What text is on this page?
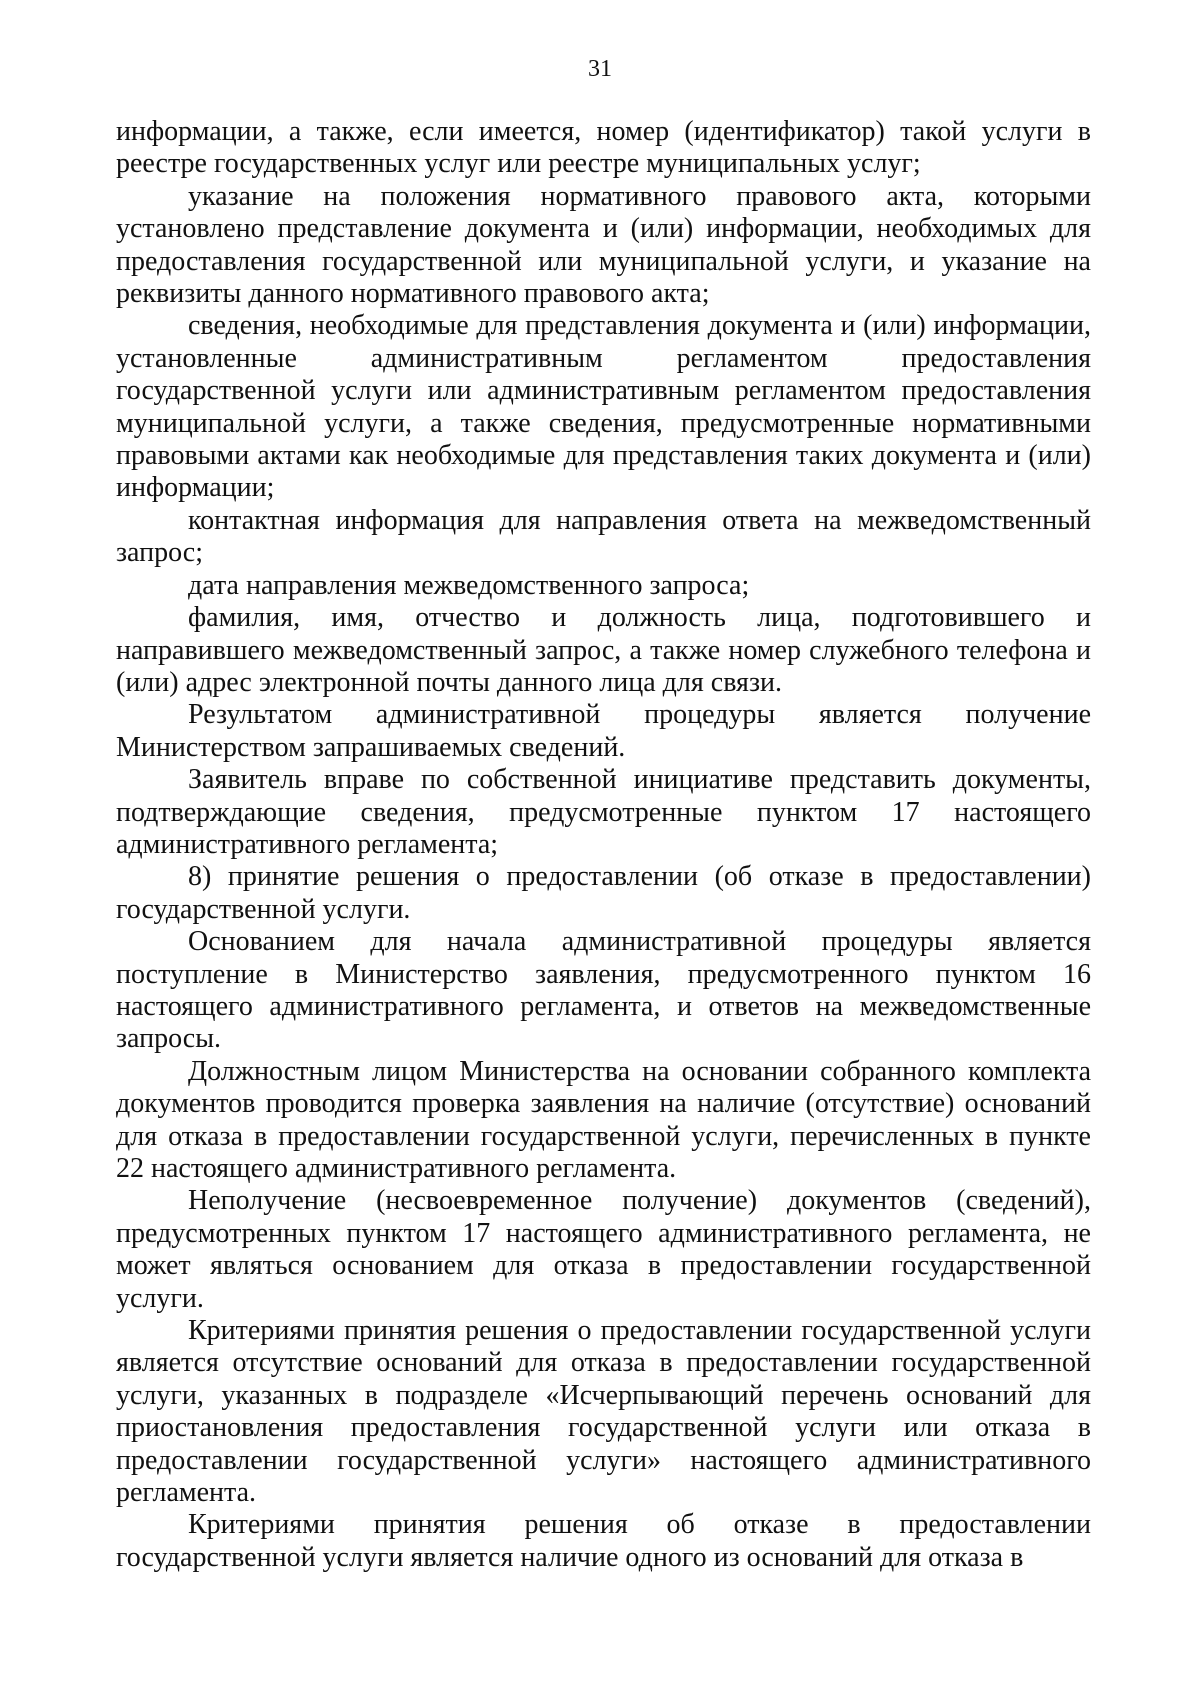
31

информации, а также, если имеется, номер (идентификатор) такой услуги в реестре государственных услуг или реестре муниципальных услуг;

указание на положения нормативного правового акта, которыми установлено представление документа и (или) информации, необходимых для предоставления государственной или муниципальной услуги, и указание на реквизиты данного нормативного правового акта;

сведения, необходимые для представления документа и (или) информации, установленные административным регламентом предоставления государственной услуги или административным регламентом предоставления муниципальной услуги, а также сведения, предусмотренные нормативными правовыми актами как необходимые для представления таких документа и (или) информации;

контактная информация для направления ответа на межведомственный запрос;

дата направления межведомственного запроса;

фамилия, имя, отчество и должность лица, подготовившего и направившего межведомственный запрос, а также номер служебного телефона и (или) адрес электронной почты данного лица для связи.

Результатом административной процедуры является получение Министерством запрашиваемых сведений.

Заявитель вправе по собственной инициативе представить документы, подтверждающие сведения, предусмотренные пунктом 17 настоящего административного регламента;

8) принятие решения о предоставлении (об отказе в предоставлении) государственной услуги.

Основанием для начала административной процедуры является поступление в Министерство заявления, предусмотренного пунктом 16 настоящего административного регламента, и ответов на межведомственные запросы.

Должностным лицом Министерства на основании собранного комплекта документов проводится проверка заявления на наличие (отсутствие) оснований для отказа в предоставлении государственной услуги, перечисленных в пункте 22 настоящего административного регламента.

Неполучение (несвоевременное получение) документов (сведений), предусмотренных пунктом 17 настоящего административного регламента, не может являться основанием для отказа в предоставлении государственной услуги.

Критериями принятия решения о предоставлении государственной услуги является отсутствие оснований для отказа в предоставлении государственной услуги, указанных в подразделе «Исчерпывающий перечень оснований для приостановления предоставления государственной услуги или отказа в предоставлении государственной услуги» настоящего административного регламента.

Критериями принятия решения об отказе в предоставлении государственной услуги является наличие одного из оснований для отказа в
